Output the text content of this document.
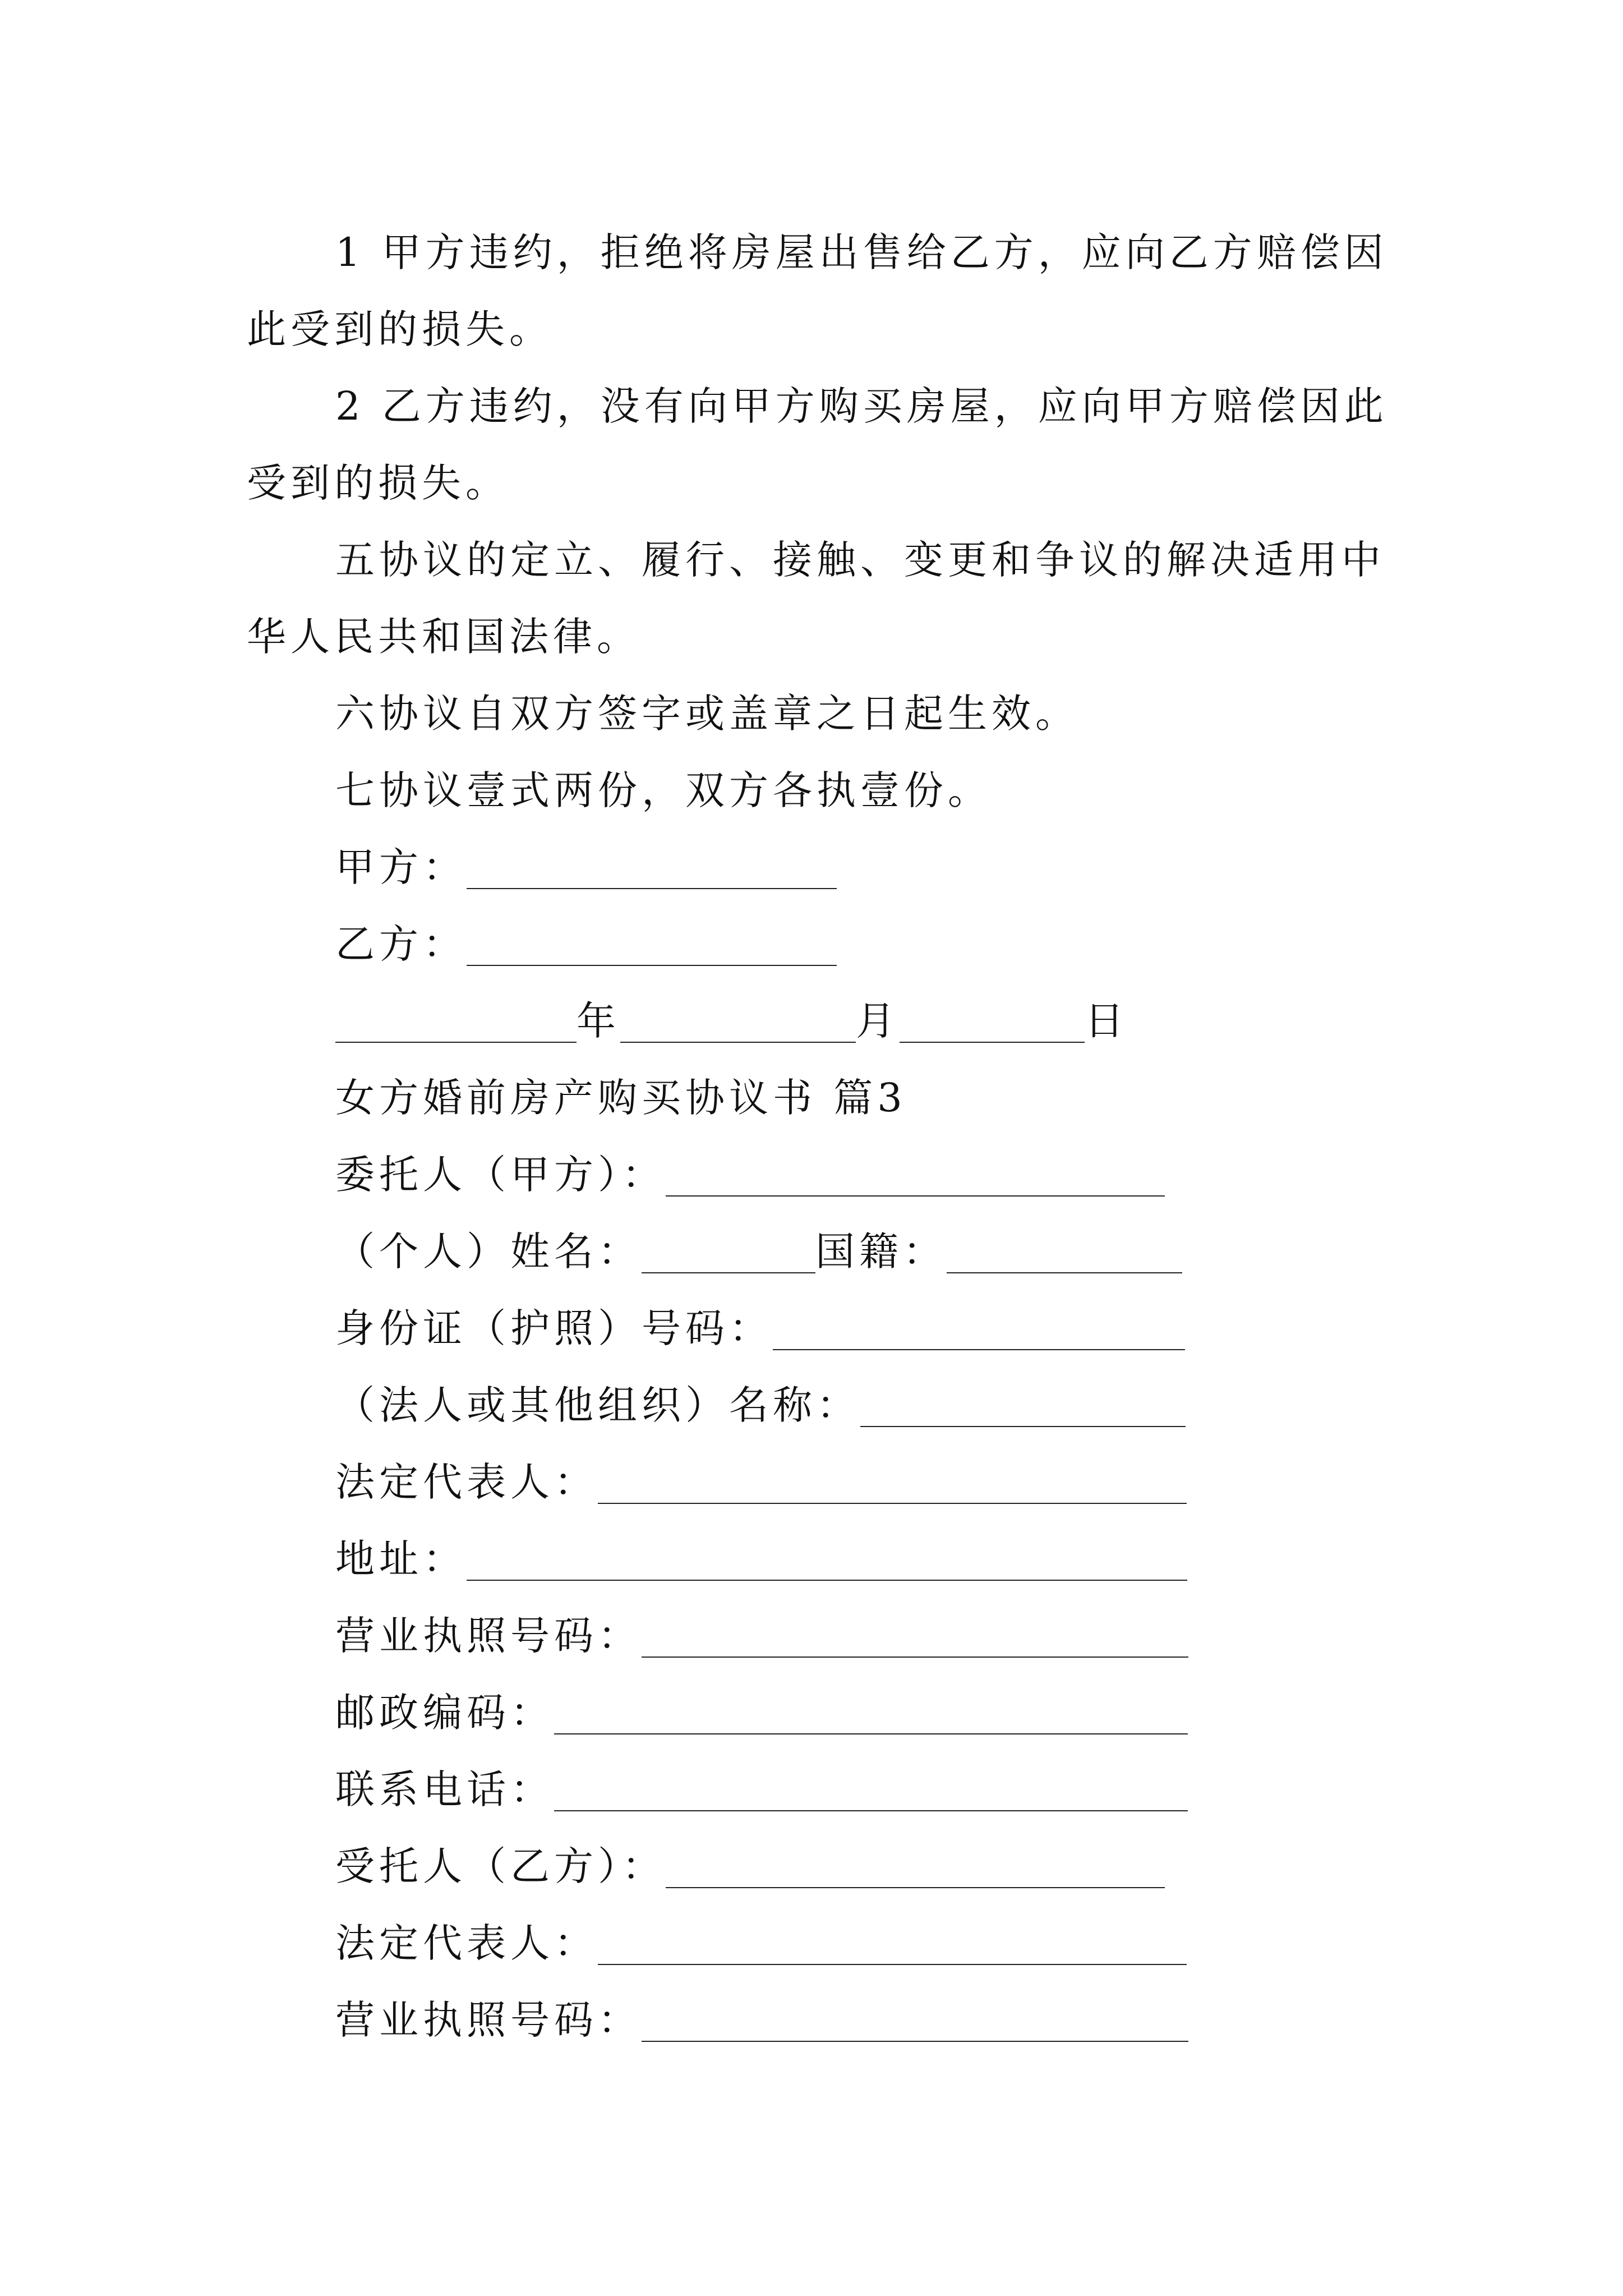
1 甲方违约，拒绝将房屋出售给乙方，应向乙方赔偿因此受到的损失。

2 乙方违约，没有向甲方购买房屋，应向甲方赔偿因此受到的损失。

五协议的定立、履行、接触、变更和争议的解决适用中华人民共和国法律。

六协议自双方签字或盖章之日起生效。

七协议壹式两份，双方各执壹份。

甲方：
乙方：
年	月	日
女方婚前房产购买协议书 篇3
委托人（甲方）：
（个人）姓名：	国籍：
身份证（护照）号码：
（法人或其他组织）名称：
法定代表人：
地址：
营业执照号码：
邮政编码：
联系电话：
受托人（乙方）：
法定代表人：
营业执照号码：
